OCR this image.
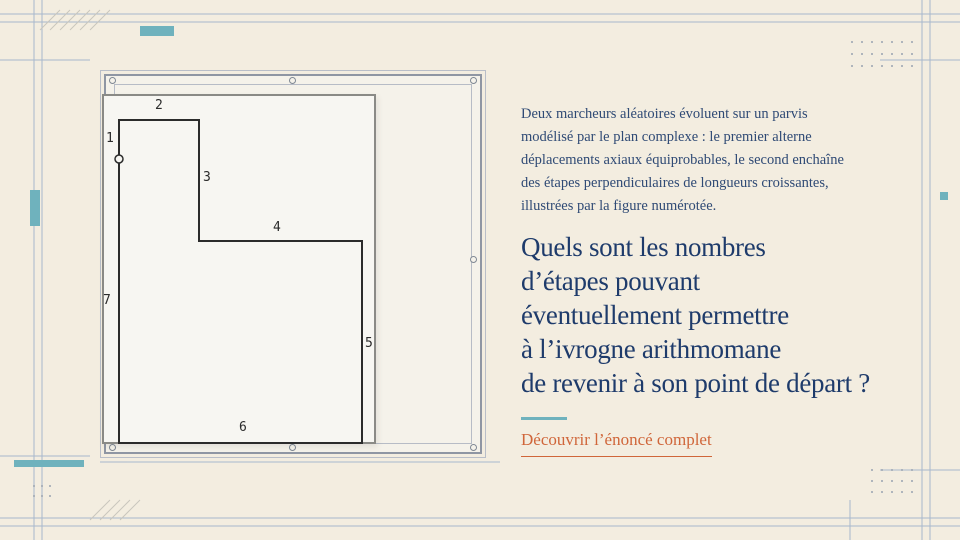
1
2
3
4
5
6
7
Deux marcheurs aléatoires évoluent sur un parvis modélisé par le plan complexe : le premier alterne déplacements axiaux équiprobables, le second enchaîne des étapes perpendiculaires de longueurs croissantes, illustrées par la figure numérotée.
Quels sont les nombres
d’étapes pouvant
éventuellement permettre
à l’ivrogne arithmomane
de revenir à son point de départ ?
Découvrir l’énoncé complet
